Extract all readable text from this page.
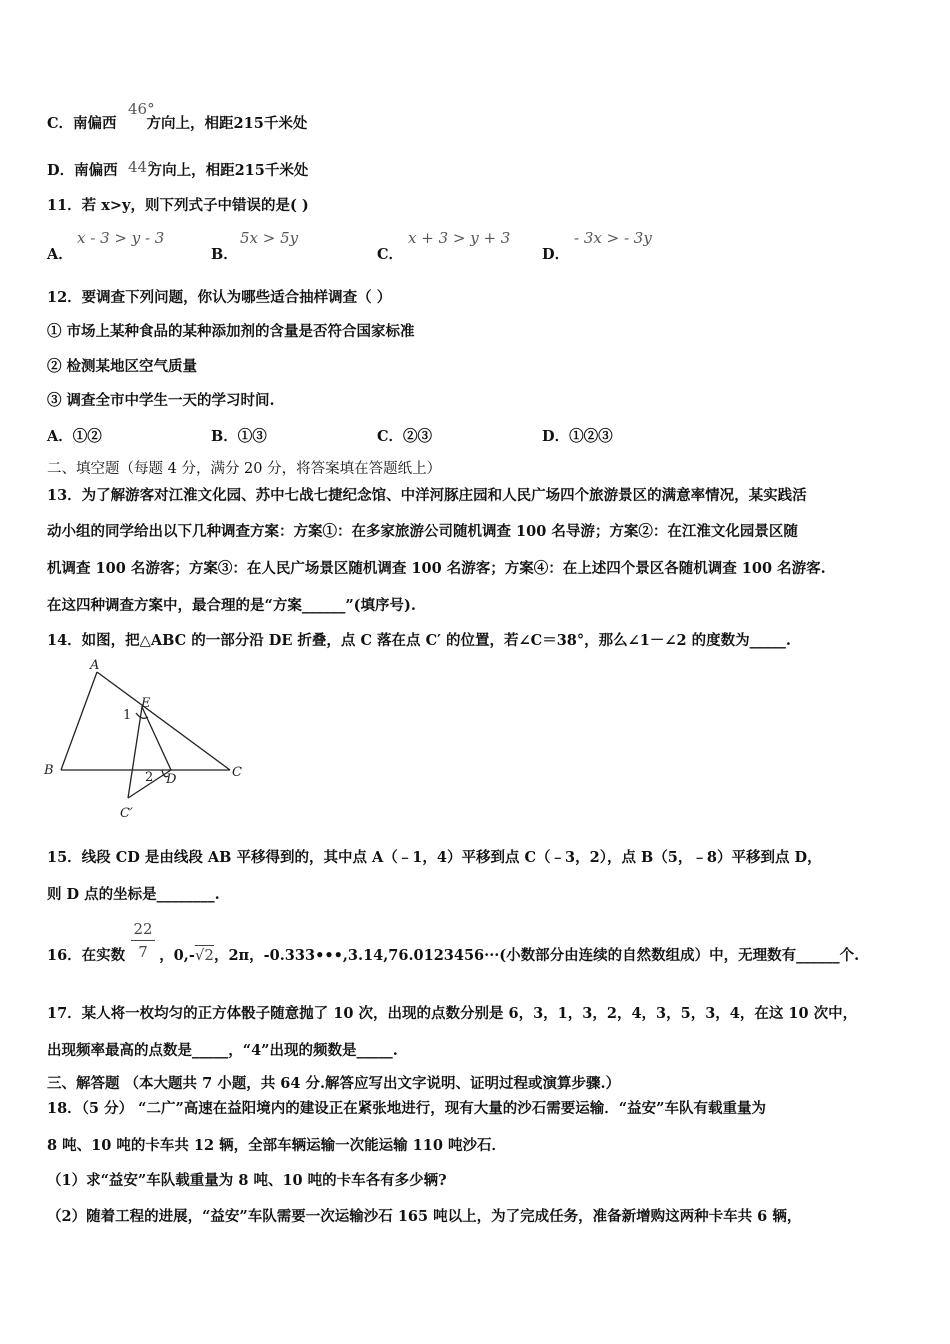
C．南偏西 方向上，相距215千米处
46°
D．南偏西 方向上，相距215千米处
44°
11．若 x>y，则下列式子中错误的是( )
A．
x - 3 > y - 3
B．
5x > 5y
C．
x + 3 > y + 3
D．
- 3x > - 3y
12．要调查下列问题，你认为哪些适合抽样调查（ ）
① 市场上某种食品的某种添加剂的含量是否符合国家标准
② 检测某地区空气质量
③ 调查全市中学生一天的学习时间.
A．①②	B．①③	C．②③	D．①②③
二、填空题（每题 4 分，满分 20 分，将答案填在答题纸上）
13．为了解游客对江淮文化园、苏中七战七捷纪念馆、中洋河豚庄园和人民广场四个旅游景区的满意率情况，某实践活
动小组的同学给出以下几种调查方案：方案①：在多家旅游公司随机调查 100 名导游；方案②：在江淮文化园景区随
机调查 100 名游客；方案③：在人民广场景区随机调查 100 名游客；方案④：在上述四个景区各随机调查 100 名游客.
在这四种调查方案中，最合理的是“方案______”(填序号).
14．如图，把△ABC 的一部分沿 DE 折叠，点 C 落在点 C′ 的位置，若∠C＝38°，那么∠1－∠2 的度数为_____.
A
B	C
D
E
C′
1
2
15．线段 CD 是由线段 AB 平移得到的，其中点 A（﹣1，4）平移到点 C（﹣3，2），点 B（5，﹣8）平移到点 D，
则 D 点的坐标是________.
16．在实数 ，0,-√2，2π，-0.333•••,3.14,76.0123456···(小数部分由连续的自然数组成）中，无理数有______个.
22
7
17．某人将一枚均匀的正方体骰子随意抛了 10 次，出现的点数分别是 6，3，1，3，2，4，3，5，3，4，在这 10 次中，
出现频率最高的点数是_____，“4”出现的频数是_____.
三、解答题 （本大题共 7 小题，共 64 分.解答应写出文字说明、证明过程或演算步骤.）
18．（5 分） “二广”高速在益阳境内的建设正在紧张地进行，现有大量的沙石需要运输．“益安”车队有载重量为
8 吨、10 吨的卡车共 12 辆，全部车辆运输一次能运输 110 吨沙石．
（1）求“益安”车队载重量为 8 吨、10 吨的卡车各有多少辆?
（2）随着工程的进展，“益安”车队需要一次运输沙石 165 吨以上，为了完成任务，准备新增购这两种卡车共 6 辆，
